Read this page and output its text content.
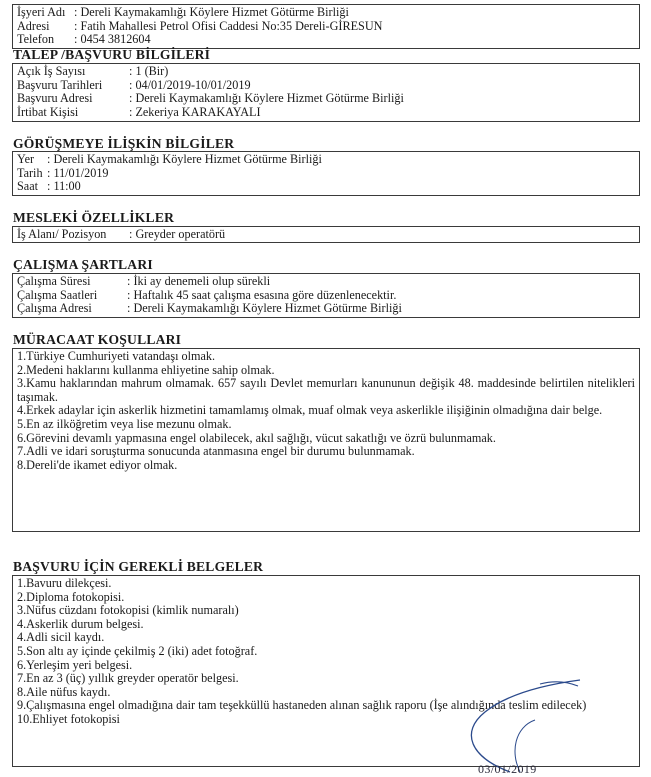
İşyeri Adı : Dereli Kaymakamlığı Köylere Hizmet Götürme Birliği
Adresi : Fatih Mahallesi Petrol Ofisi Caddesi No:35 Dereli-GİRESUN
Telefon : 0454 3812604
TALEP /BAŞVURU BİLGİLERİ
Açık İş Sayısı	: 1 (Bir)
Başvuru Tarihleri : 04/01/2019-10/01/2019
Başvuru Adresi	: Dereli Kaymakamlığı Köylere Hizmet Götürme Birliği
İrtibat Kişisi	: Zekeriya KARAKAYALI
GÖRÜŞMEYE İLİŞKİN BİLGİLER
Yer : Dereli Kaymakamlığı Köylere Hizmet Götürme Birliği
Tarih : 11/01/2019
Saat : 11:00
MESLEKİ ÖZELLİKLER
İş Alanı/ Pozisyon : Greyder operatörü
ÇALIŞMA ŞARTLARI
Çalışma Süresi	: İki ay denemeli olup sürekli
Çalışma Saatleri : Haftalık 45 saat çalışma esasına göre düzenlenecektir.
Çalışma Adresi	: Dereli Kaymakamlığı Köylere Hizmet Götürme Birliği
MÜRACAAT KOŞULLARI
1.Türkiye Cumhuriyeti vatandaşı olmak.
2.Medeni haklarını kullanma ehliyetine sahip olmak.
3.Kamu haklarından mahrum olmamak. 657 sayılı Devlet memurları kanununun değişik 48. maddesinde belirtilen nitelikleri taşımak.
4.Erkek adaylar için askerlik hizmetini tamamlamış olmak, muaf olmak veya askerlikle ilişiğinin olmadığına dair belge.
5.En az ilköğretim veya lise mezunu olmak.
6.Görevini devamlı yapmasına engel olabilecek, akıl sağlığı, vücut sakatlığı ve özrü bulunmamak.
7.Adli ve idari soruşturma sonucunda atanmasına engel bir durumu bulunmamak.
8.Dereli'de ikamet ediyor olmak.
BAŞVURU İÇİN GEREKLİ BELGELER
1.Bavuru dilekçesi.
2.Diploma fotokopisi.
3.Nüfus cüzdanı fotokopisi (kimlik numaralı)
4.Askerlik durum belgesi.
4.Adli sicil kaydı.
5.Son altı ay içinde çekilmiş 2 (iki) adet fotoğraf.
6.Yerleşim yeri belgesi.
7.En az 3 (üç) yıllık greyder operatör belgesi.
8.Aile nüfus kaydı.
9.Çalışmasına engel olmadığına dair tam teşekküllü hastaneden alınan sağlık raporu (İşe alındığında teslim edilecek)
10.Ehliyet fotokopisi
03/01/2019
